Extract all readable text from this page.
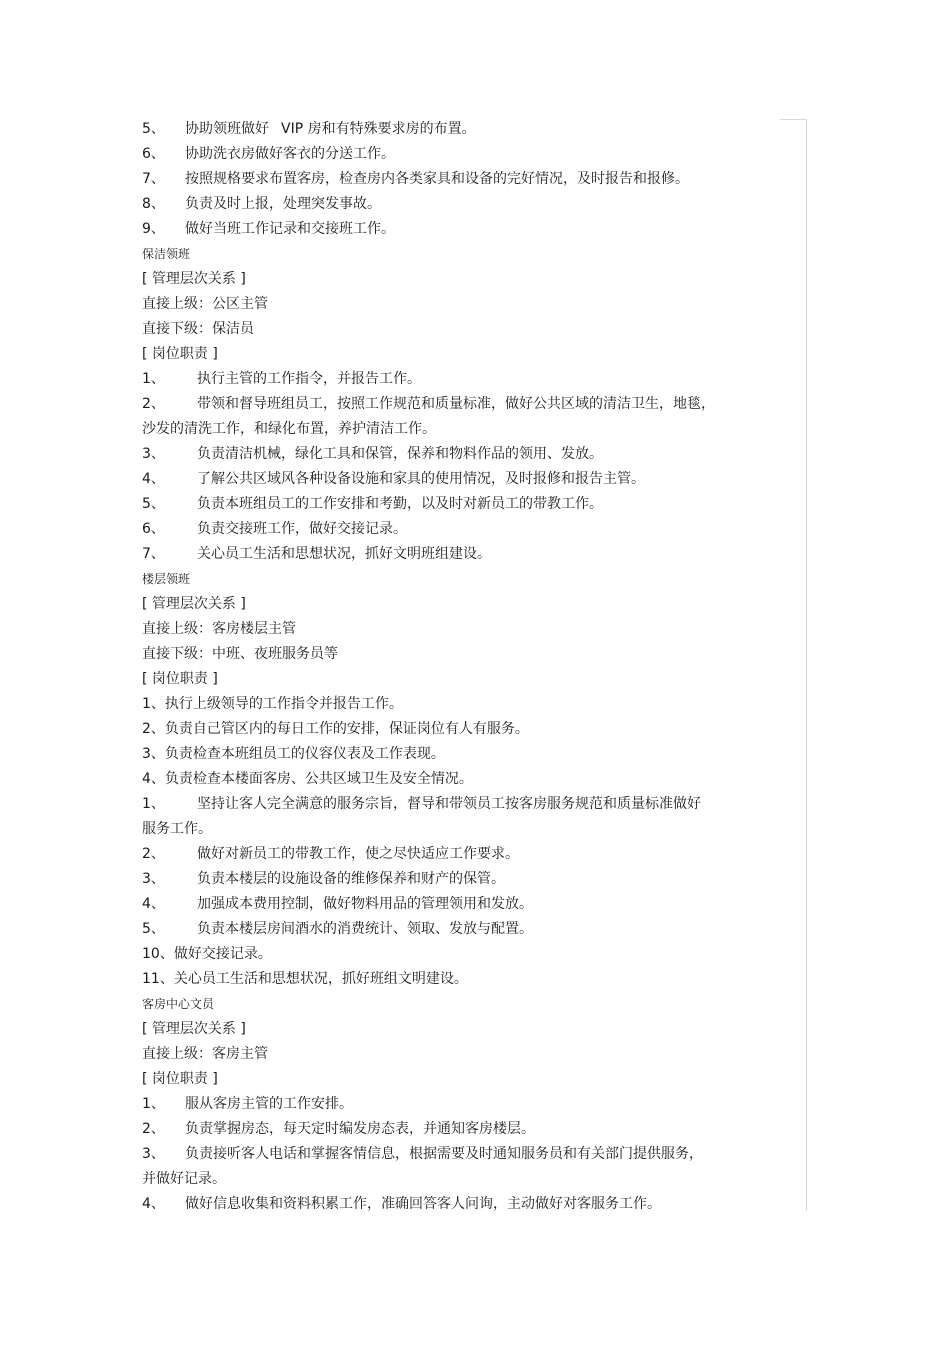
5、 协助领班做好 VIP 房和有特殊要求房的布置。
6、 协助洗衣房做好客衣的分送工作。
7、 按照规格要求布置客房，检查房内各类家具和设备的完好情况，及时报告和报修。
8、 负责及时上报，处理突发事故。
9、 做好当班工作记录和交接班工作。
保洁领班
[ 管理层次关系 ]
直接上级：公区主管
直接下级：保洁员
[ 岗位职责 ]
1、 执行主管的工作指令，并报告工作。
2、 带领和督导班组员工，按照工作规范和质量标准，做好公共区域的清洁卫生，地毯，
沙发的清洗工作，和绿化布置，养护清洁工作。
3、 负责清洁机械，绿化工具和保管，保养和物料作品的领用、发放。
4、 了解公共区域风各种设备设施和家具的使用情况，及时报修和报告主管。
5、 负责本班组员工的工作安排和考勤，以及时对新员工的带教工作。
6、 负责交接班工作，做好交接记录。
7、 关心员工生活和思想状况，抓好文明班组建设。
楼层领班
[ 管理层次关系 ]
直接上级：客房楼层主管
直接下级：中班、夜班服务员等
[ 岗位职责 ]
1、执行上级领导的工作指令并报告工作。
2、负责自己管区内的每日工作的安排，保证岗位有人有服务。
3、负责检查本班组员工的仪容仪表及工作表现。
4、负责检查本楼面客房、公共区域卫生及安全情况。
1、 坚持让客人完全满意的服务宗旨，督导和带领员工按客房服务规范和质量标准做好
服务工作。
2、 做好对新员工的带教工作，使之尽快适应工作要求。
3、 负责本楼层的设施设备的维修保养和财产的保管。
4、 加强成本费用控制，做好物料用品的管理领用和发放。
5、 负责本楼层房间酒水的消费统计、领取、发放与配置。
10、做好交接记录。
11、关心员工生活和思想状况，抓好班组文明建设。
客房中心文员
[ 管理层次关系 ]
直接上级：客房主管
[ 岗位职责 ]
1、 服从客房主管的工作安排。
2、 负责掌握房态，每天定时编发房态表，并通知客房楼层。
3、 负责接听客人电话和掌握客情信息，根据需要及时通知服务员和有关部门提供服务，
并做好记录。
4、 做好信息收集和资料积累工作，准确回答客人问询，主动做好对客服务工作。
